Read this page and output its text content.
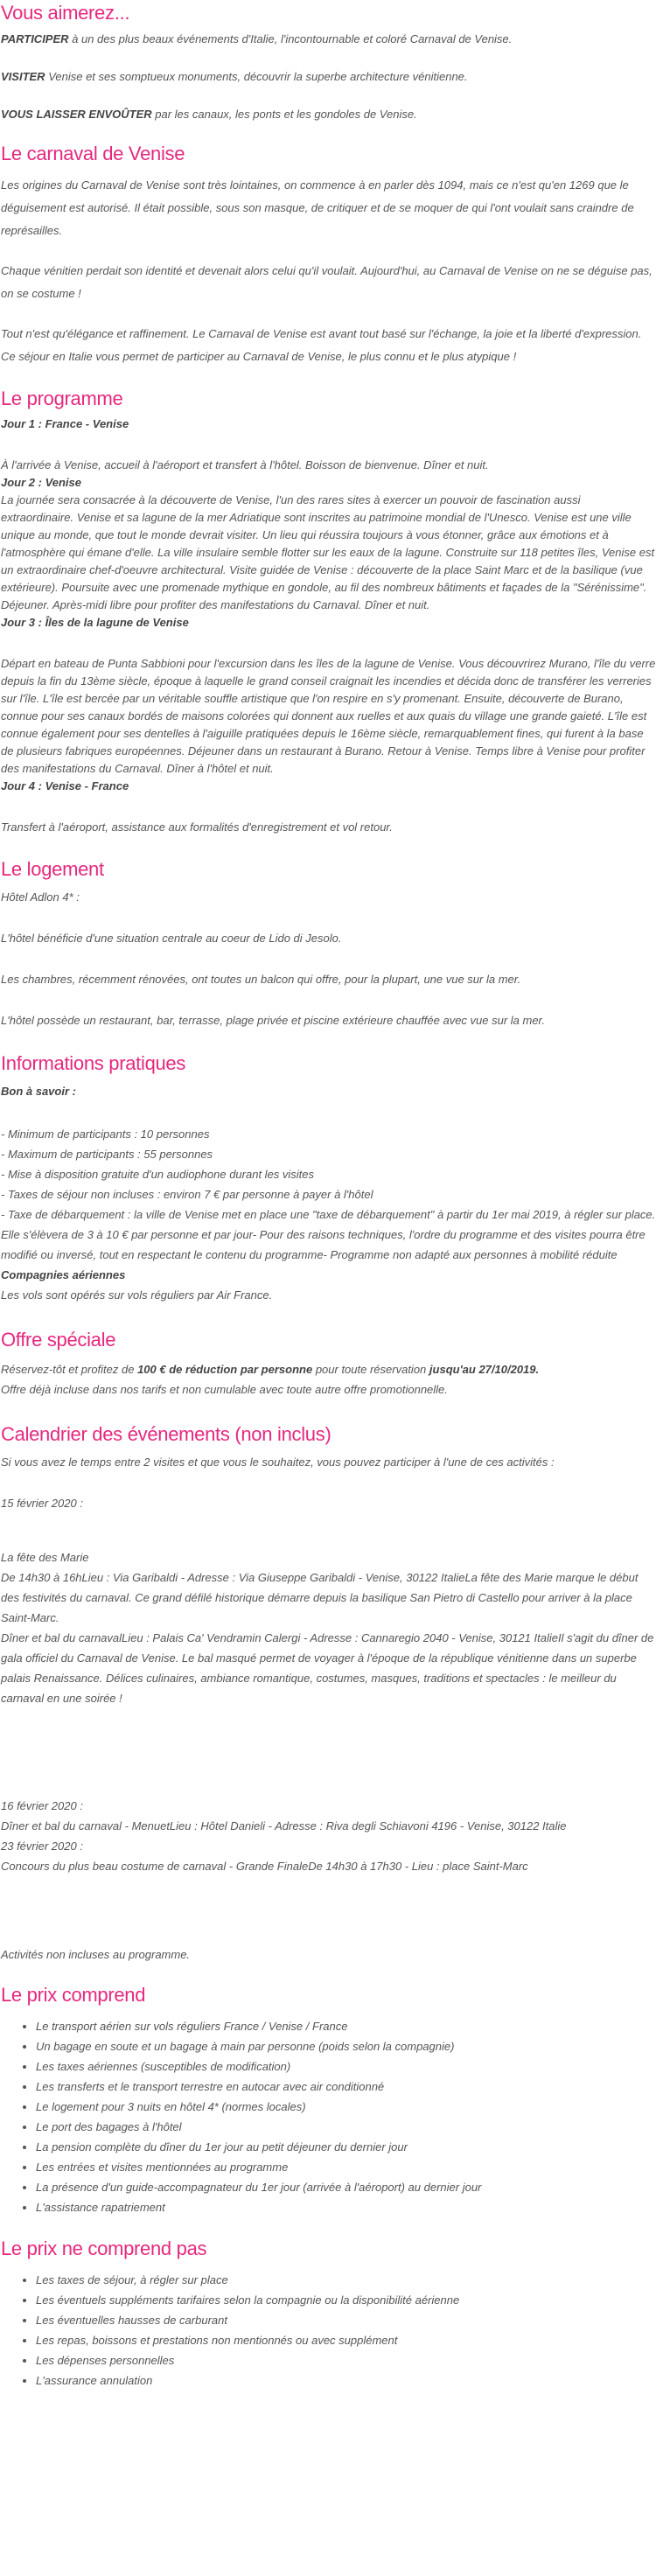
Vous aimerez...

PARTICIPER à un des plus beaux événements d'Italie, l'incontournable et coloré Carnaval de Venise.

VISITER Venise et ses somptueux monuments, découvrir la superbe architecture vénitienne.

VOUS LAISSER ENVOÛTER par les canaux, les ponts et les gondoles de Venise.

Le carnaval de Venise

Les origines du Carnaval de Venise sont très lointaines, on commence à en parler dès 1094, mais ce n'est qu'en 1269 que le déguisement est autorisé. Il était possible, sous son masque, de critiquer et de se moquer de qui l'ont voulait sans craindre de représailles.

Chaque vénitien perdait son identité et devenait alors celui qu'il voulait. Aujourd'hui, au Carnaval de Venise on ne se déguise pas, on se costume !

Tout n'est qu'élégance et raffinement. Le Carnaval de Venise est avant tout basé sur l'échange, la joie et la liberté d'expression. Ce séjour en Italie vous permet de participer au Carnaval de Venise, le plus connu et le plus atypique !

Le programme

Jour 1 : France - Venise

À l'arrivée à Venise, accueil à l'aéroport et transfert à l'hôtel. Boisson de bienvenue. Dîner et nuit.

Jour 2 : Venise

La journée sera consacrée à la découverte de Venise, l'un des rares sites à exercer un pouvoir de fascination aussi extraordinaire. Venise et sa lagune de la mer Adriatique sont inscrites au patrimoine mondial de l'Unesco. Venise est une ville unique au monde, que tout le monde devrait visiter. Un lieu qui réussira toujours à vous étonner, grâce aux émotions et à l'atmosphère qui émane d'elle. La ville insulaire semble flotter sur les eaux de la lagune. Construite sur 118 petites îles, Venise est un extraordinaire chef-d'oeuvre architectural. Visite guidée de Venise : découverte de la place Saint Marc et de la basilique (vue extérieure). Poursuite avec une promenade mythique en gondole, au fil des nombreux bâtiments et façades de la "Sérénissime". Déjeuner. Après-midi libre pour profiter des manifestations du Carnaval. Dîner et nuit.

Jour 3 : Îles de la lagune de Venise

Départ en bateau de Punta Sabbioni pour l'excursion dans les îles de la lagune de Venise. Vous découvrirez Murano, l'île du verre depuis la fin du 13ème siècle, époque à laquelle le grand conseil craignait les incendies et décida donc de transférer les verreries sur l'île. L'île est bercée par un véritable souffle artistique que l'on respire en s'y promenant. Ensuite, découverte de Burano, connue pour ses canaux bordés de maisons colorées qui donnent aux ruelles et aux quais du village une grande gaieté. L'île est connue également pour ses dentelles à l'aiguille pratiquées depuis le 16ème siècle, remarquablement fines, qui furent à la base de plusieurs fabriques européennes. Déjeuner dans un restaurant à Burano. Retour à Venise. Temps libre à Venise pour profiter des manifestations du Carnaval. Dîner à l'hôtel et nuit.

Jour 4 : Venise - France

Transfert à l'aéroport, assistance aux formalités d'enregistrement et vol retour.

Le logement

Hôtel Adlon 4* :

L'hôtel bénéficie d'une situation centrale au coeur de Lido di Jesolo.

Les chambres, récemment rénovées, ont toutes un balcon qui offre, pour la plupart, une vue sur la mer.

L'hôtel possède un restaurant, bar, terrasse, plage privée et piscine extérieure chauffée avec vue sur la mer.

Informations pratiques

Bon à savoir :

- Minimum de participants : 10 personnes

- Maximum de participants : 55 personnes

- Mise à disposition gratuite d'un audiophone durant les visites

- Taxes de séjour non incluses : environ 7 € par personne à payer à l'hôtel

- Taxe de débarquement : la ville de Venise met en place une "taxe de débarquement" à partir du 1er mai 2019, à régler sur place. Elle s'élèvera de 3 à 10 € par personne et par jour- Pour des raisons techniques, l'ordre du programme et des visites pourra être modifié ou inversé, tout en respectant le contenu du programme- Programme non adapté aux personnes à mobilité réduite

Compagnies aériennes

Les vols sont opérés sur vols réguliers par Air France.

Offre spéciale

Réservez-tôt et profitez de 100 € de réduction par personne pour toute réservation jusqu'au 27/10/2019.

Offre déjà incluse dans nos tarifs et non cumulable avec toute autre offre promotionnelle.

Calendrier des événements (non inclus)

Si vous avez le temps entre 2 visites et que vous le souhaitez, vous pouvez participer à l'une de ces activités :

15 février 2020 :

La fête des Marie

De 14h30 à 16hLieu : Via Garibaldi - Adresse : Via Giuseppe Garibaldi - Venise, 30122 ItalieLa fête des Marie marque le début des festivités du carnaval. Ce grand défilé historique démarre depuis la basilique San Pietro di Castello pour arriver à la place Saint-Marc.

Dîner et bal du carnavalLieu : Palais Ca' Vendramin Calergi - Adresse : Cannaregio 2040 - Venise, 30121 ItalieIl s'agit du dîner de gala officiel du Carnaval de Venise. Le bal masqué permet de voyager à l'époque de la république vénitienne dans un superbe palais Renaissance. Délices culinaires, ambiance romantique, costumes, masques, traditions et spectacles : le meilleur du carnaval en une soirée !

16 février 2020 :

Dîner et bal du carnaval - MenuetLieu : Hôtel Danieli - Adresse : Riva degli Schiavoni 4196 - Venise, 30122 Italie

23 février 2020 :

Concours du plus beau costume de carnaval - Grande FinaleDe 14h30 à 17h30 - Lieu : place Saint-Marc

Activités non incluses au programme.

Le prix comprend
• Le transport aérien sur vols réguliers France / Venise / France
• Un bagage en soute et un bagage à main par personne (poids selon la compagnie)
• Les taxes aériennes (susceptibles de modification)
• Les transferts et le transport terrestre en autocar avec air conditionné
• Le logement pour 3 nuits en hôtel 4* (normes locales)
• Le port des bagages à l'hôtel
• La pension complète du dîner du 1er jour au petit déjeuner du dernier jour
• Les entrées et visites mentionnées au programme
• La présence d'un guide-accompagnateur du 1er jour (arrivée à l'aéroport) au dernier jour
• L'assistance rapatriement
Le prix ne comprend pas
• Les taxes de séjour, à régler sur place
• Les éventuels suppléments tarifaires selon la compagnie ou la disponibilité aérienne
• Les éventuelles hausses de carburant
• Les repas, boissons et prestations non mentionnés ou avec supplément
• Les dépenses personnelles
• L'assurance annulation
